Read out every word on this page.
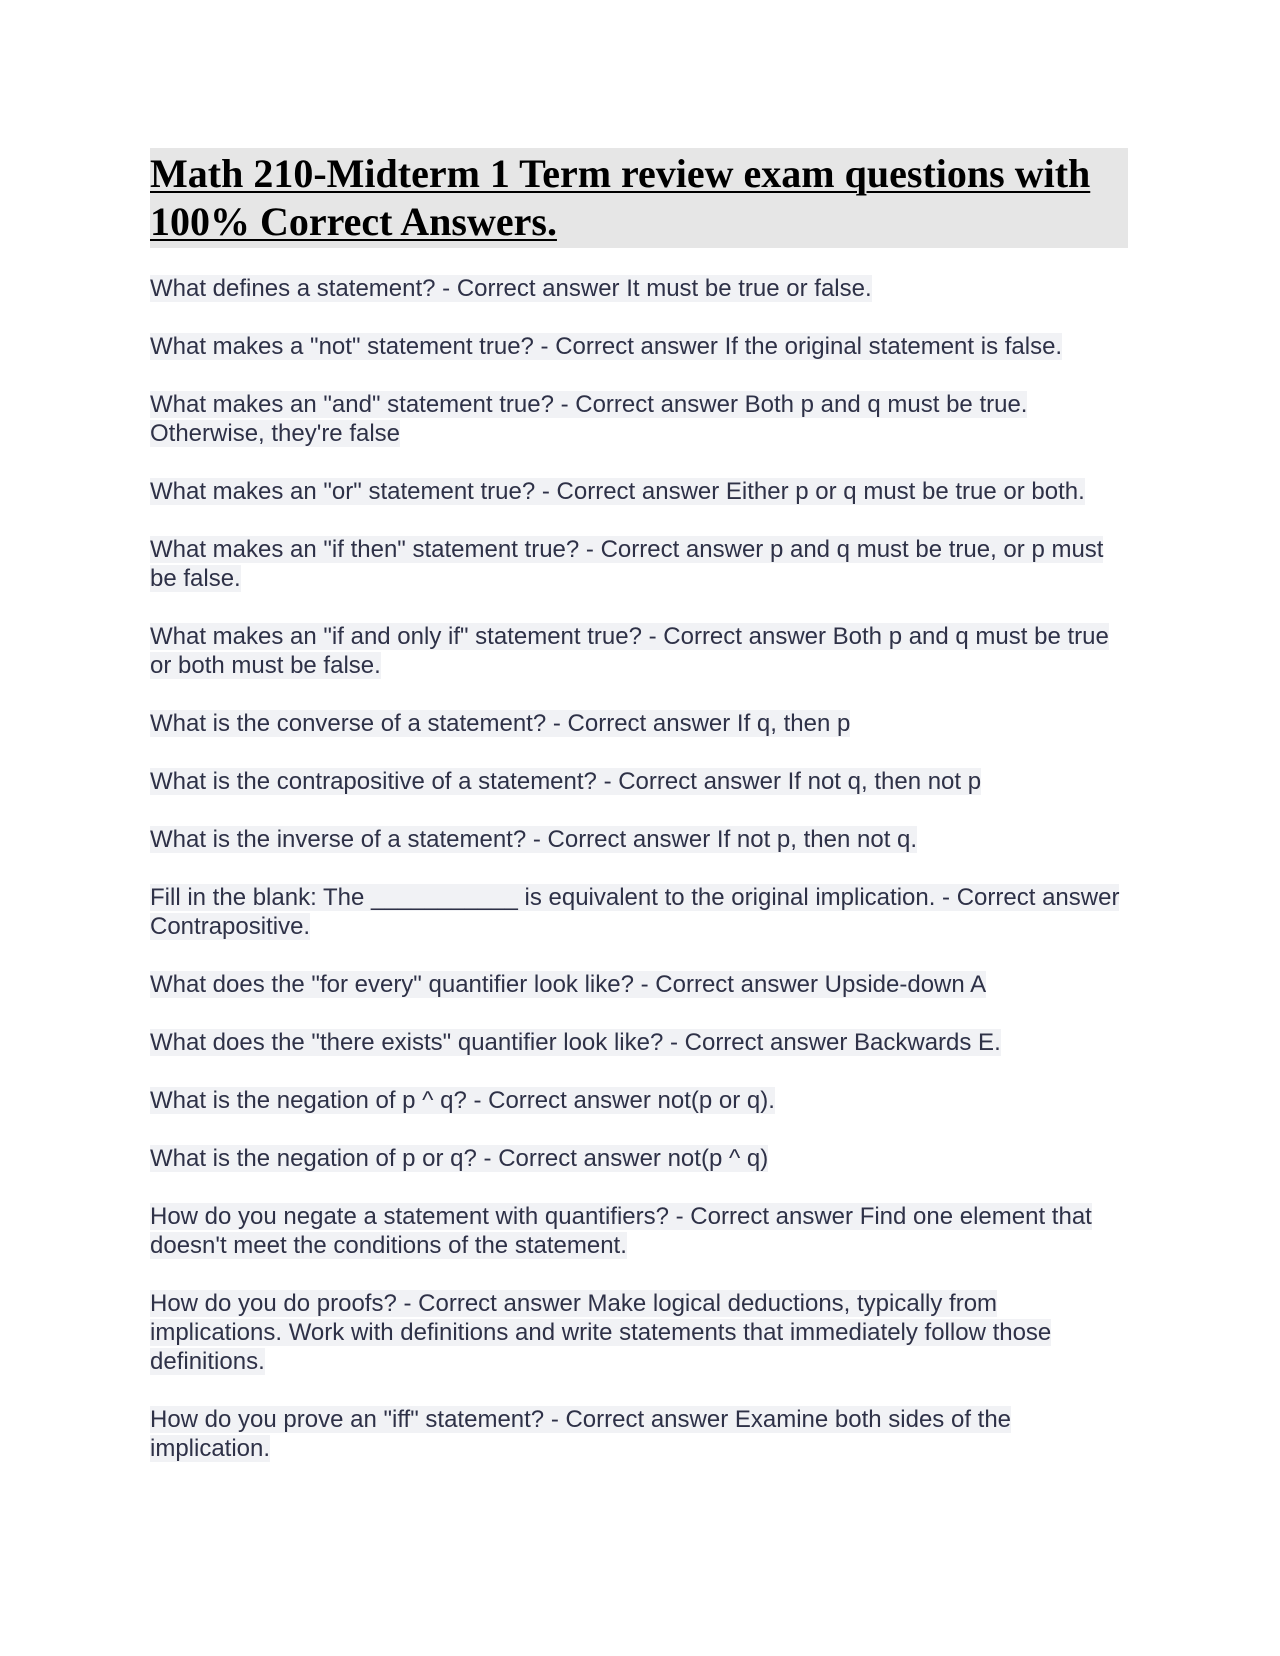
Math 210-Midterm 1 Term review exam questions with 100% Correct Answers.

What defines a statement? - Correct answer It must be true or false.

What makes a "not" statement true? - Correct answer If the original statement is false.

What makes an "and" statement true? - Correct answer Both p and q must be true. Otherwise, they're false

What makes an "or" statement true? - Correct answer Either p or q must be true or both.

What makes an "if then" statement true? - Correct answer p and q must be true, or p must be false.

What makes an "if and only if" statement true? - Correct answer Both p and q must be true or both must be false.

What is the converse of a statement? - Correct answer If q, then p

What is the contrapositive of a statement? - Correct answer If not q, then not p

What is the inverse of a statement? - Correct answer If not p, then not q.

Fill in the blank: The ___________ is equivalent to the original implication. - Correct answer Contrapositive.

What does the "for every" quantifier look like? - Correct answer Upside-down A

What does the "there exists" quantifier look like? - Correct answer Backwards E.

What is the negation of p ^ q? - Correct answer not(p or q).

What is the negation of p or q? - Correct answer not(p ^ q)

How do you negate a statement with quantifiers? - Correct answer Find one element that doesn't meet the conditions of the statement.

How do you do proofs? - Correct answer Make logical deductions, typically from implications. Work with definitions and write statements that immediately follow those definitions.

How do you prove an "iff" statement? - Correct answer Examine both sides of the implication.
